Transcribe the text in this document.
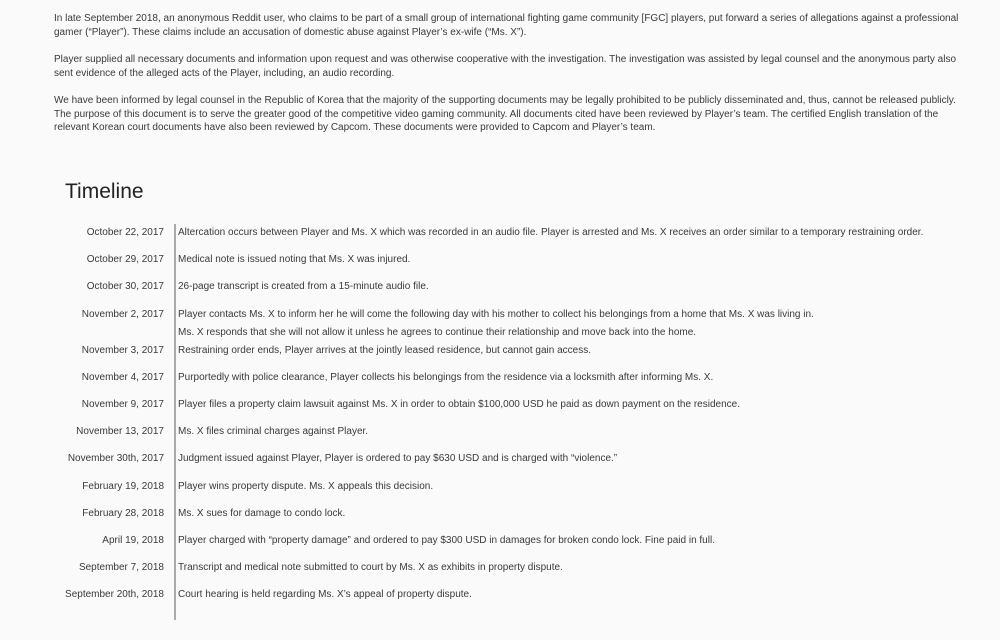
In late September 2018, an anonymous Reddit user, who claims to be part of a small group of international fighting game community [FGC] players, put forward a series of allegations against a professional gamer (“Player”). These claims include an accusation of domestic abuse against Player’s ex-wife (“Ms. X”).

Player supplied all necessary documents and information upon request and was otherwise cooperative with the investigation. The investigation was assisted by legal counsel and the anonymous party also sent evidence of the alleged acts of the Player, including, an audio recording.

We have been informed by legal counsel in the Republic of Korea that the majority of the supporting documents may be legally prohibited to be publicly disseminated and, thus, cannot be released publicly. The purpose of this document is to serve the greater good of the competitive video gaming community. All documents cited have been reviewed by Player’s team. The certified English translation of the relevant Korean court documents have also been reviewed by Capcom. These documents were provided to Capcom and Player’s team.

Timeline
October 22, 2017	Altercation occurs between Player and Ms. X which was recorded in an audio file. Player is arrested and Ms. X receives an order similar to a temporary restraining order.
October 29, 2017	Medical note is issued noting that Ms. X was injured.
October 30, 2017	26-page transcript is created from a 15-minute audio file.
November 2, 2017	Player contacts Ms. X to inform her he will come the following day with his mother to collect his belongings from a home that Ms. X was living in.
Ms. X responds that she will not allow it unless he agrees to continue their relationship and move back into the home.
November 3, 2017	Restraining order ends, Player arrives at the jointly leased residence, but cannot gain access.
November 4, 2017	Purportedly with police clearance, Player collects his belongings from the residence via a locksmith after informing Ms. X.
November 9, 2017	Player files a property claim lawsuit against Ms. X in order to obtain $100,000 USD he paid as down payment on the residence.
November 13, 2017	Ms. X files criminal charges against Player.
November 30th, 2017	Judgment issued against Player, Player is ordered to pay $630 USD and is charged with “violence.”
February 19, 2018	Player wins property dispute. Ms. X appeals this decision.
February 28, 2018	Ms. X sues for damage to condo lock.
April 19, 2018	Player charged with “property damage” and ordered to pay $300 USD in damages for broken condo lock. Fine paid in full.
September 7, 2018	Transcript and medical note submitted to court by Ms. X as exhibits in property dispute.
September 20th, 2018	Court hearing is held regarding Ms. X’s appeal of property dispute.
